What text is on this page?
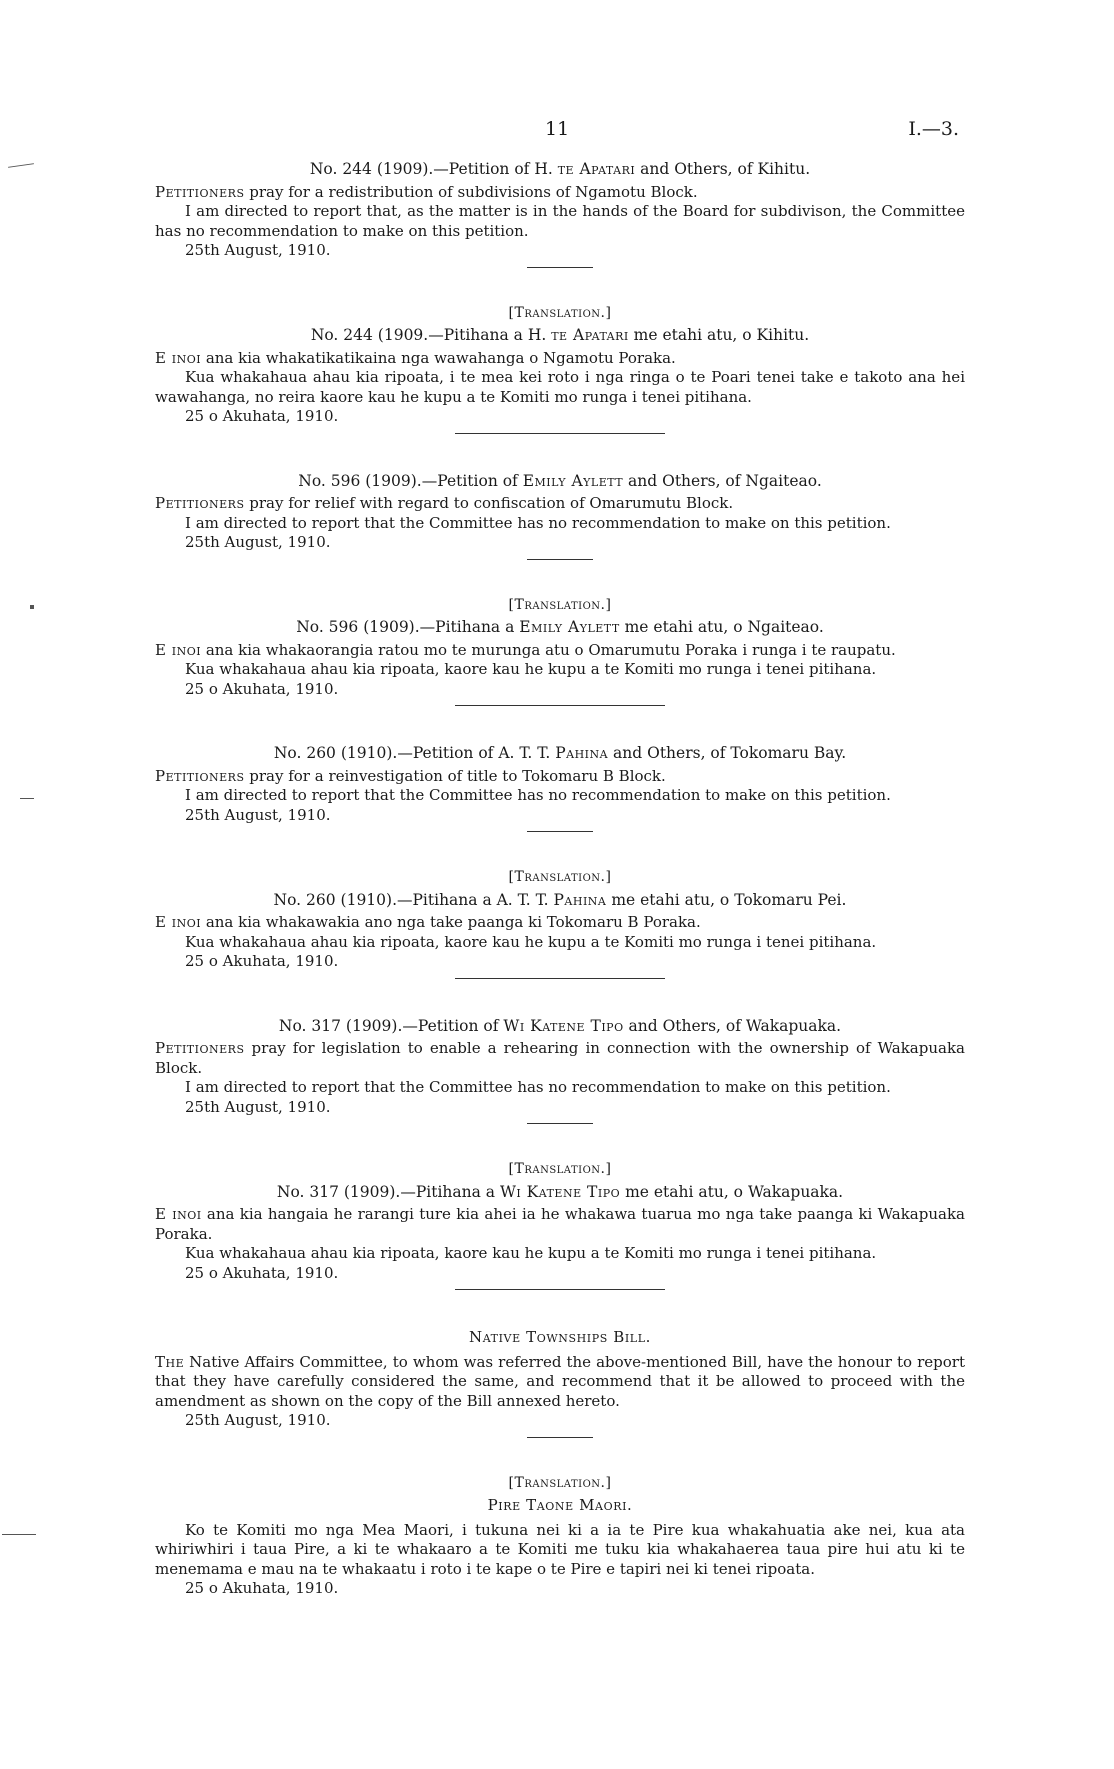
11	I.—3.

No. 244 (1909).—Petition of H. te Apatari and Others, of Kihitu.

Petitioners pray for a redistribution of subdivisions of Ngamotu Block.

I am directed to report that, as the matter is in the hands of the Board for subdivison, the Committee has no recommendation to make on this petition.

25th August, 1910.

[Translation.]

No. 244 (1909.—Pitihana a H. te Apatari me etahi atu, o Kihitu.

E inoi ana kia whakatikatikaina nga wawahanga o Ngamotu Poraka.

Kua whakahaua ahau kia ripoata, i te mea kei roto i nga ringa o te Poari tenei take e takoto ana hei wawahanga, no reira kaore kau he kupu a te Komiti mo runga i tenei pitihana.

25 o Akuhata, 1910.

No. 596 (1909).—Petition of Emily Aylett and Others, of Ngaiteao.

Petitioners pray for relief with regard to confiscation of Omarumutu Block.

I am directed to report that the Committee has no recommendation to make on this petition.

25th August, 1910.

[Translation.]

No. 596 (1909).—Pitihana a Emily Aylett me etahi atu, o Ngaiteao.

E inoi ana kia whakaorangia ratou mo te murunga atu o Omarumutu Poraka i runga i te raupatu.

Kua whakahaua ahau kia ripoata, kaore kau he kupu a te Komiti mo runga i tenei pitihana.

25 o Akuhata, 1910.

No. 260 (1910).—Petition of A. T. T. Pahina and Others, of Tokomaru Bay.

Petitioners pray for a reinvestigation of title to Tokomaru B Block.

I am directed to report that the Committee has no recommendation to make on this petition.

25th August, 1910.

[Translation.]

No. 260 (1910).—Pitihana a A. T. T. Pahina me etahi atu, o Tokomaru Pei.

E inoi ana kia whakawakia ano nga take paanga ki Tokomaru B Poraka.

Kua whakahaua ahau kia ripoata, kaore kau he kupu a te Komiti mo runga i tenei pitihana.

25 o Akuhata, 1910.

No. 317 (1909).—Petition of Wi Katene Tipo and Others, of Wakapuaka.

Petitioners pray for legislation to enable a rehearing in connection with the ownership of Wakapuaka Block.

I am directed to report that the Committee has no recommendation to make on this petition.

25th August, 1910.

[Translation.]

No. 317 (1909).—Pitihana a Wi Katene Tipo me etahi atu, o Wakapuaka.

E inoi ana kia hangaia he rarangi ture kia ahei ia he whakawa tuarua mo nga take paanga ki Wakapuaka Poraka.

Kua whakahaua ahau kia ripoata, kaore kau he kupu a te Komiti mo runga i tenei pitihana.

25 o Akuhata, 1910.

Native Townships Bill.

The Native Affairs Committee, to whom was referred the above-mentioned Bill, have the honour to report that they have carefully considered the same, and recommend that it be allowed to proceed with the amendment as shown on the copy of the Bill annexed hereto.

25th August, 1910.

[Translation.]

Pire Taone Maori.

Ko te Komiti mo nga Mea Maori, i tukuna nei ki a ia te Pire kua whakahuatia ake nei, kua ata whiriwhiri i taua Pire, a ki te whakaaro a te Komiti me tuku kia whakahaerea taua pire hui atu ki te menemama e mau na te whakaatu i roto i te kape o te Pire e tapiri nei ki tenei ripoata.

25 o Akuhata, 1910.
